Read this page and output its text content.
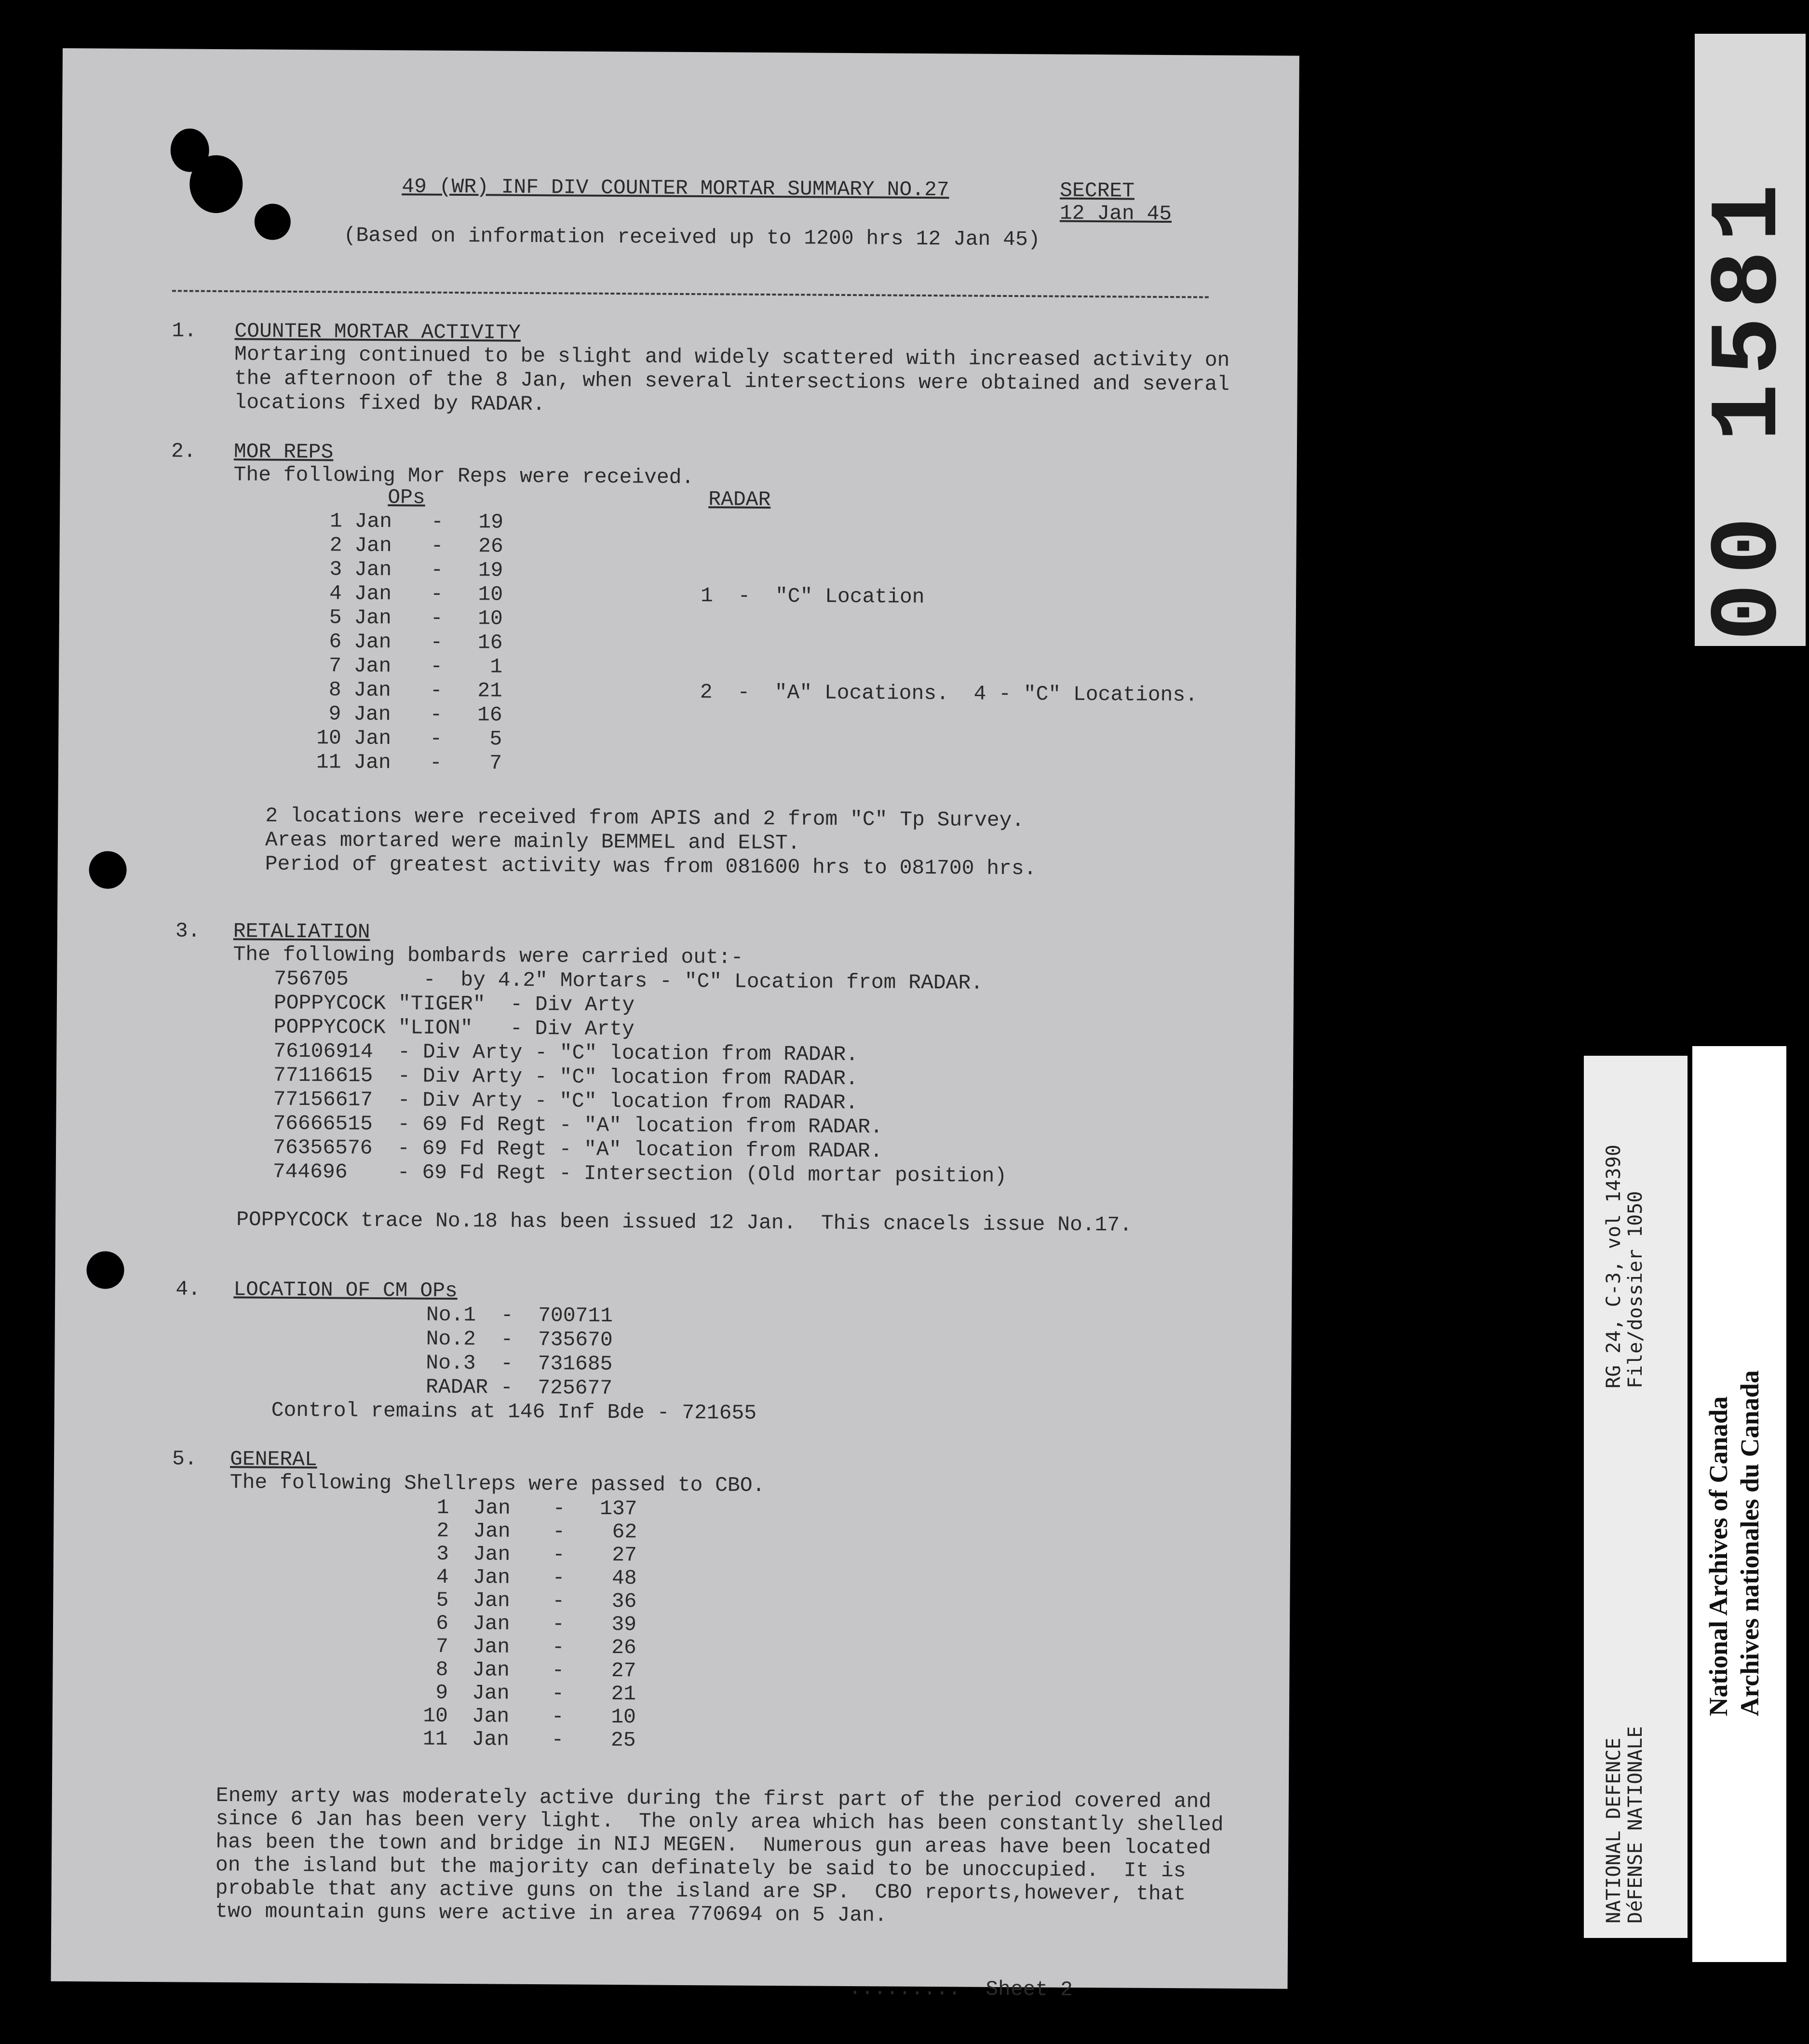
49 (WR) INF DIV COUNTER MORTAR SUMMARY NO.27
(Based on information received up to 1200 hrs 12 Jan 45)
SECRET
12 Jan 45
1. COUNTER MORTAR ACTIVITY
Mortaring continued to be slight and widely scattered with increased activity on
the afternoon of the 8 Jan, when several intersections were obtained and several
locations fixed by RADAR.
2. MOR REPS
The following Mor Reps were received.
OPs	RADAR
1 Jan -	19
2 Jan -	26
3 Jan -	19
4 Jan -	10	1  -  "C" Location
5 Jan -	10
6 Jan -	16
7 Jan -	1
8 Jan -	21	2  -  "A" Locations.  4 - "C" Locations.
9 Jan -	16
10 Jan -	5
11 Jan -	7
2 locations were received from APIS and 2 from "C" Tp Survey.
Areas mortared were mainly BEMMEL and ELST.
Period of greatest activity was from 081600 hrs to 081700 hrs.
3. RETALIATION
The following bombards were carried out:-
756705      -  by 4.2" Mortars - "C" Location from RADAR.
POPPYCOCK "TIGER"  - Div Arty
POPPYCOCK "LION"   - Div Arty
76106914  - Div Arty - "C" location from RADAR.
77116615  - Div Arty - "C" location from RADAR.
77156617  - Div Arty - "C" location from RADAR.
76666515  - 69 Fd Regt - "A" location from RADAR.
76356576  - 69 Fd Regt - "A" location from RADAR.
744696    - 69 Fd Regt - Intersection (Old mortar position)
POPPYCOCK trace No.18 has been issued 12 Jan.  This cnacels issue No.17.
4. LOCATION OF CM OPs
No.1  -  700711
No.2  -  735670
No.3  -  731685
RADAR -  725677
Control remains at 146 Inf Bde - 721655
5. GENERAL
The following Shellreps were passed to CBO.
1 Jan -	137
2 Jan -	62
3 Jan -	27
4 Jan -	48
5 Jan -	36
6 Jan -	39
7 Jan -	26
8 Jan -	27
9 Jan -	21
10 Jan -	10
11 Jan -	25
Enemy arty was moderately active during the first part of the period covered and
since 6 Jan has been very light.  The only area which has been constantly shelled
has been the town and bridge in NIJ MEGEN.  Numerous gun areas have been located
on the island but the majority can definately be said to be unoccupied.  It is
probable that any active guns on the island are SP.  CBO reports,however, that
two mountain guns were active in area 770694 on 5 Jan.
.........  Sheet 2
00 1581
RG 24, C-3, vol 14390 File/dossier 1050
NATIONAL DEFENCE DéFENSE NATIONALE
National Archives of Canada Archives nationales du Canada
